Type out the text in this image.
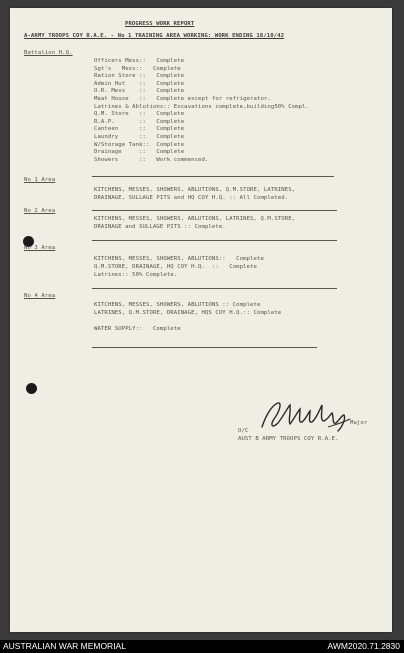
PROGRESS WORK REPORT
A-ARMY TROOPS COY R.A.E. - No 1 TRAINING AREA WORKING: WORK ENDING 18/10/42
Battalion H.Q.
Officers Mess::   Complete
Sgt's   Mess::   Complete
Ration Store ::   Complete
Admin Hut    ::   Complete
O.R. Mess    ::   Complete
Meat House   ::   Complete except for refrigerator.
Latrines & Ablutions:: Excavations complete,building50% Compl.
Q.M. Store   ::   Complete
R.A.P.       ::   Complete
Canteen      ::   Complete
Laundry      ::   Complete
W/Storage Tank::  Complete
Drainage     ::   Complete
Showers      ::   Work commenced.
No 1 Area
KITCHENS, MESSES, SHOWERS, ABLUTIONS, Q.M.STORE, LATRINES,
DRAINAGE, SULLAGE PITS and HQ COY H.Q. :: All Completed.
No 2 Area
KITCHENS, MESSES, SHOWERS, ABLUTIONS, LATRINES, Q.M.STORE,
DRAINAGE and SULLAGE PITS :: Complete.
No 3 Area
KITCHENS, MESSES, SHOWERS, ABLUTIONS::   Complete
Q.M.STORE, DRAINAGE, HQ COY H.Q.  ::   Complete
Latrines:: 50% Complete.
No 4 Area
KITCHENS, MESSES, SHOWERS, ABLUTIONS :: Complete
LATRINES, Q.M.STORE, DRAINAGE, HQS COY H.Q.:: Complete
WATER SUPPLY::   Complete
Major
O/C
AUST B ARMY TROOPS COY R.A.E.
AUSTRALIAN WAR MEMORIAL	AWM2020.71.2830
